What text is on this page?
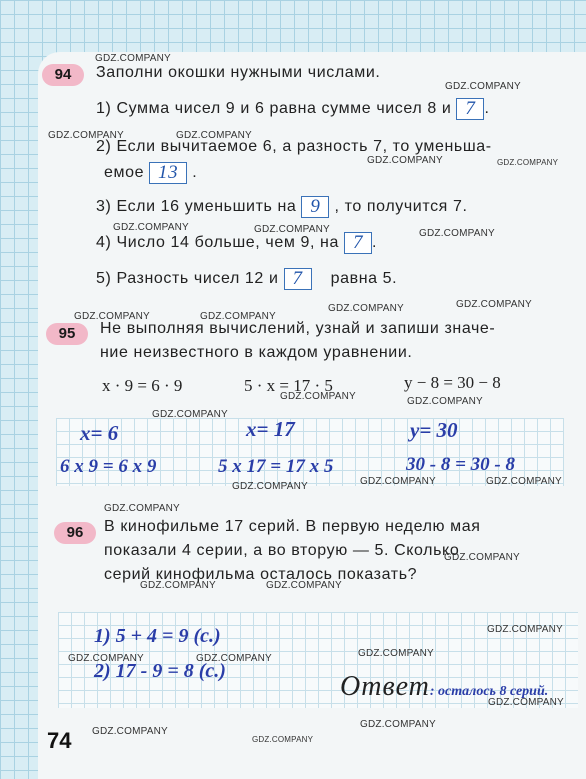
94	Заполни окошки нужными числами.
1) Сумма чисел 9 и 6 равна сумме чисел 8 и 7 .
2) Если вычитаемое 6, а разность 7, то уменьша-
емое 13 .
3) Если 16 уменьшить на 9 , то получится 7.
4) Число 14 больше, чем 9, на 7 .
5) Разность чисел 12 и 7 равна 5.
95	Не выполняя вычислений, узнай и запиши значе-
ние неизвестного в каждом уравнении.
x · 9 = 6 · 9	5 · x = 17 · 5	y − 8 = 30 − 8
x= 6	x= 17	y= 30
6 x 9 = 6 x 9	5 x 17 = 17 x 5	30 - 8 = 30 - 8
96	В кинофильме 17 серий. В первую неделю мая
показали 4 серии, а во вторую — 5. Сколько
серий кинофильма осталось показать?
1) 5 + 4 = 9 (с.)
2) 17 - 9 = 8 (с.)	Ответ: осталось 8 серий.
74
GDZ.COMPANY
GDZ.COMPANY
GDZ.COMPANY	GDZ.COMPANY
GDZ.COMPANY	GDZ.COMPANY
GDZ.COMPANY	GDZ.COMPANY	GDZ.COMPANY
GDZ.COMPANY
GDZ.COMPANY
GDZ.COMPANY	GDZ.COMPANY
GDZ.COMPANY	GDZ.COMPANY
GDZ.COMPANY
GDZ.COMPANY	GDZ.COMPANY
GDZ.COMPANY
GDZ.COMPANY
GDZ.COMPANY
GDZ.COMPANY	GDZ.COMPANY
GDZ.COMPANY
GDZ.COMPANY
GDZ.COMPANY	GDZ.COMPANY
GDZ.COMPANY
GDZ.COMPANY
GDZ.COMPANY
GDZ.COMPANY
